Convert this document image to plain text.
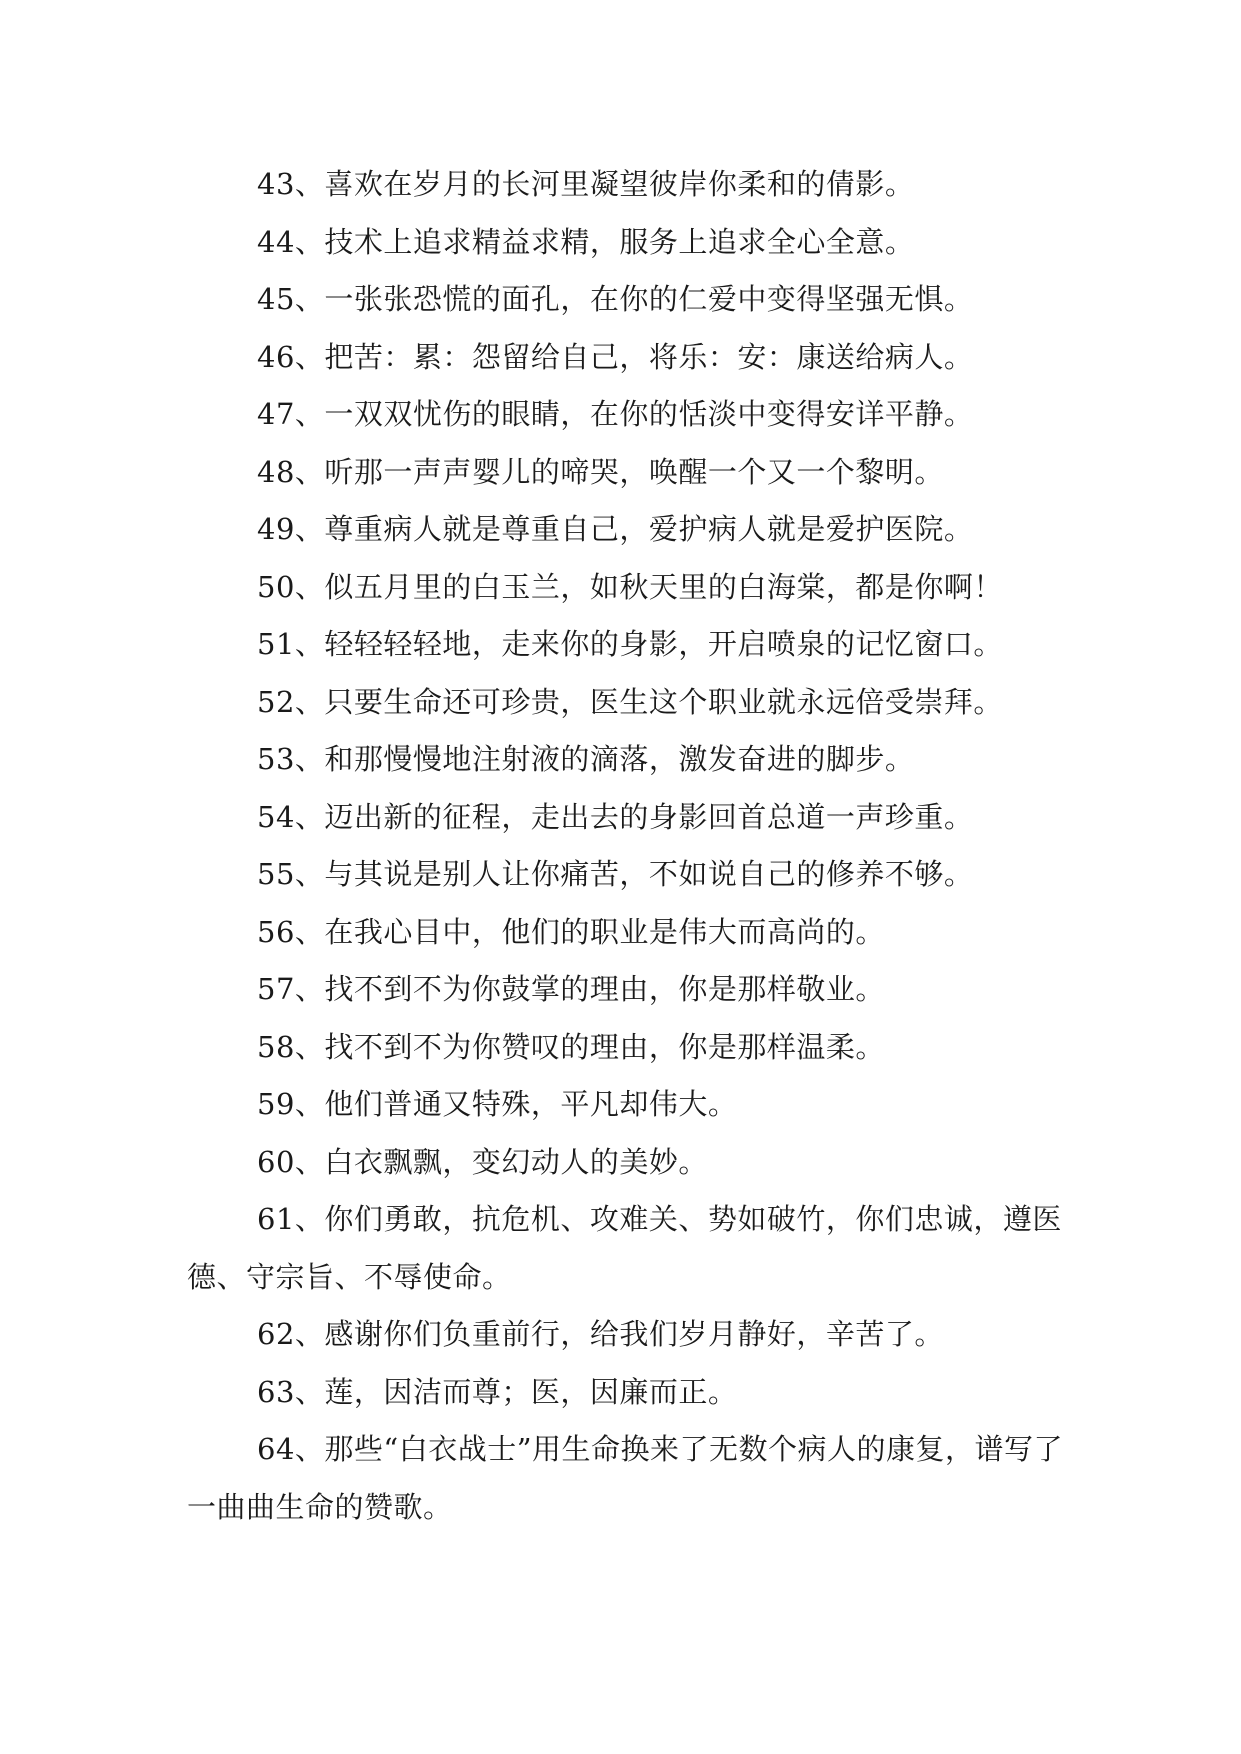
43、喜欢在岁月的长河里凝望彼岸你柔和的倩影。

44、技术上追求精益求精，服务上追求全心全意。

45、一张张恐慌的面孔，在你的仁爱中变得坚强无惧。

46、把苦：累：怨留给自己，将乐：安：康送给病人。

47、一双双忧伤的眼睛，在你的恬淡中变得安详平静。

48、听那一声声婴儿的啼哭，唤醒一个又一个黎明。

49、尊重病人就是尊重自己，爱护病人就是爱护医院。

50、似五月里的白玉兰，如秋天里的白海棠，都是你啊！

51、轻轻轻轻地，走来你的身影，开启喷泉的记忆窗口。

52、只要生命还可珍贵，医生这个职业就永远倍受崇拜。

53、和那慢慢地注射液的滴落，激发奋进的脚步。

54、迈出新的征程，走出去的身影回首总道一声珍重。

55、与其说是别人让你痛苦，不如说自己的修养不够。

56、在我心目中，他们的职业是伟大而高尚的。

57、找不到不为你鼓掌的理由，你是那样敬业。

58、找不到不为你赞叹的理由，你是那样温柔。

59、他们普通又特殊，平凡却伟大。

60、白衣飘飘，变幻动人的美妙。

61、你们勇敢，抗危机、攻难关、势如破竹，你们忠诚，遵医德、守宗旨、不辱使命。

62、感谢你们负重前行，给我们岁月静好，辛苦了。

63、莲，因洁而尊；医，因廉而正。

64、那些“白衣战士”用生命换来了无数个病人的康复，谱写了一曲曲生命的赞歌。
